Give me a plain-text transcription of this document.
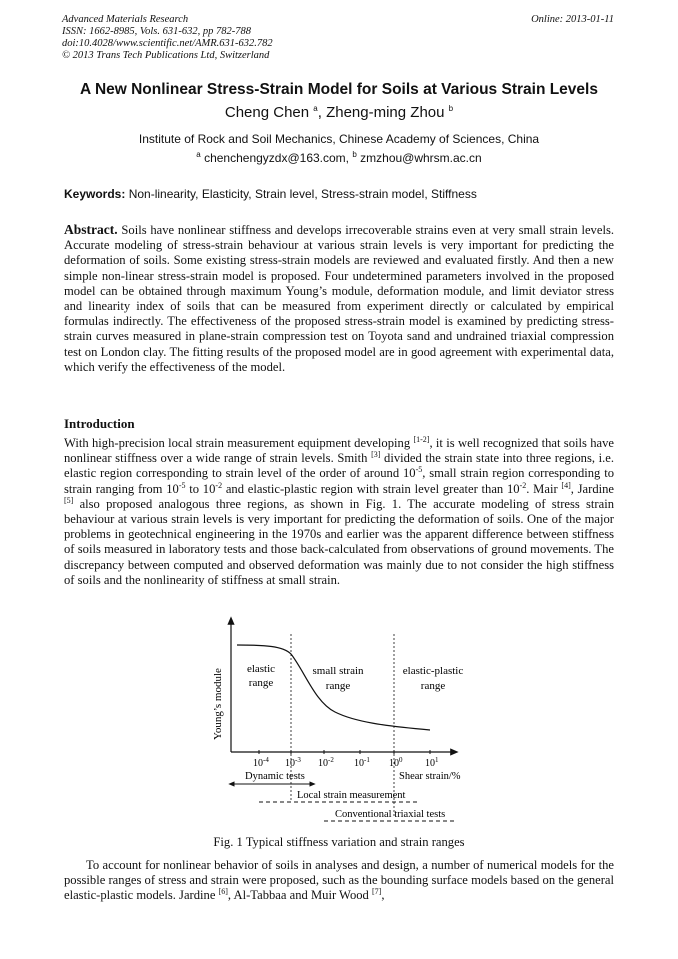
Advanced Materials Research
ISSN: 1662-8985, Vols. 631-632, pp 782-788
doi:10.4028/www.scientific.net/AMR.631-632.782
© 2013 Trans Tech Publications Ltd, Switzerland
Online: 2013-01-11
A New Nonlinear Stress-Strain Model for Soils at Various Strain Levels
Cheng Chen $^a$, Zheng-ming Zhou $^b$
Institute of Rock and Soil Mechanics, Chinese Academy of Sciences, China
$^a$ chenchengyzdx@163.com, $^b$ zmzhou@whrsm.ac.cn
Keywords: Non-linearity, Elasticity, Strain level, Stress-strain model, Stiffness

Abstract. Soils have nonlinear stiffness and develops irrecoverable strains even at very small strain levels. Accurate modeling of stress-strain behaviour at various strain levels is very important for predicting the deformation of soils. Some existing stress-strain models are reviewed and evaluated firstly. And then a new simple non-linear stress-strain model is proposed. Four undetermined parameters involved in the proposed model can be obtained through maximum Young’s module, deformation module, and limit deviator stress and linearity index of soils that can be measured from experiment directly or calculated by empirical formulas indirectly. The effectiveness of the proposed stress-strain model is examined by predicting stress-strain curves measured in plane-strain compression test on Toyota sand and undrained triaxial compression test on London clay. The fitting results of the proposed model are in good agreement with experimental data, which verify the effectiveness of the model.

Introduction

With high-precision local strain measurement equipment developing [1-2], it is well recognized that soils have nonlinear stiffness over a wide range of strain levels. Smith [3] divided the strain state into three regions, i.e. elastic region corresponding to strain level of the order of around $10^{-5}$, small strain region corresponding to strain ranging from $10^{-5}$ to $10^{-2}$ and elastic-plastic region with strain level greater than $10^{-2}$. Mair [4], Jardine [5] also proposed analogous three regions, as shown in Fig. 1. The accurate modeling of stress strain behaviour at various strain levels is very important for predicting the deformation of soils. One of the major problems in geotechnical engineering in the 1970s and earlier was the apparent difference between stiffness of soils measured in laboratory tests and those back-calculated from observations of ground movements. The discrepancy between computed and observed deformation was mainly due to not consider the high stiffness of soils and the nonlinearity of stiffness at small strain.

Young’s module elastic
range
small strain
range
elastic-plastic
range
$10^{-4}$ $10^{-3}$ $10^{-2}$ $10^{-1}$ $10^0$ $10^1$
Shear strain/%
Dynamic tests
Local strain measurement
Conventional triaxial tests
Fig. 1 Typical stiffness variation and strain ranges

To account for nonlinear behavior of soils in analyses and design, a number of numerical models for the possible ranges of stress and strain were proposed, such as the bounding surface models based on the general elastic-plastic models. Jardine [6], Al-Tabbaa and Muir Wood [7],
